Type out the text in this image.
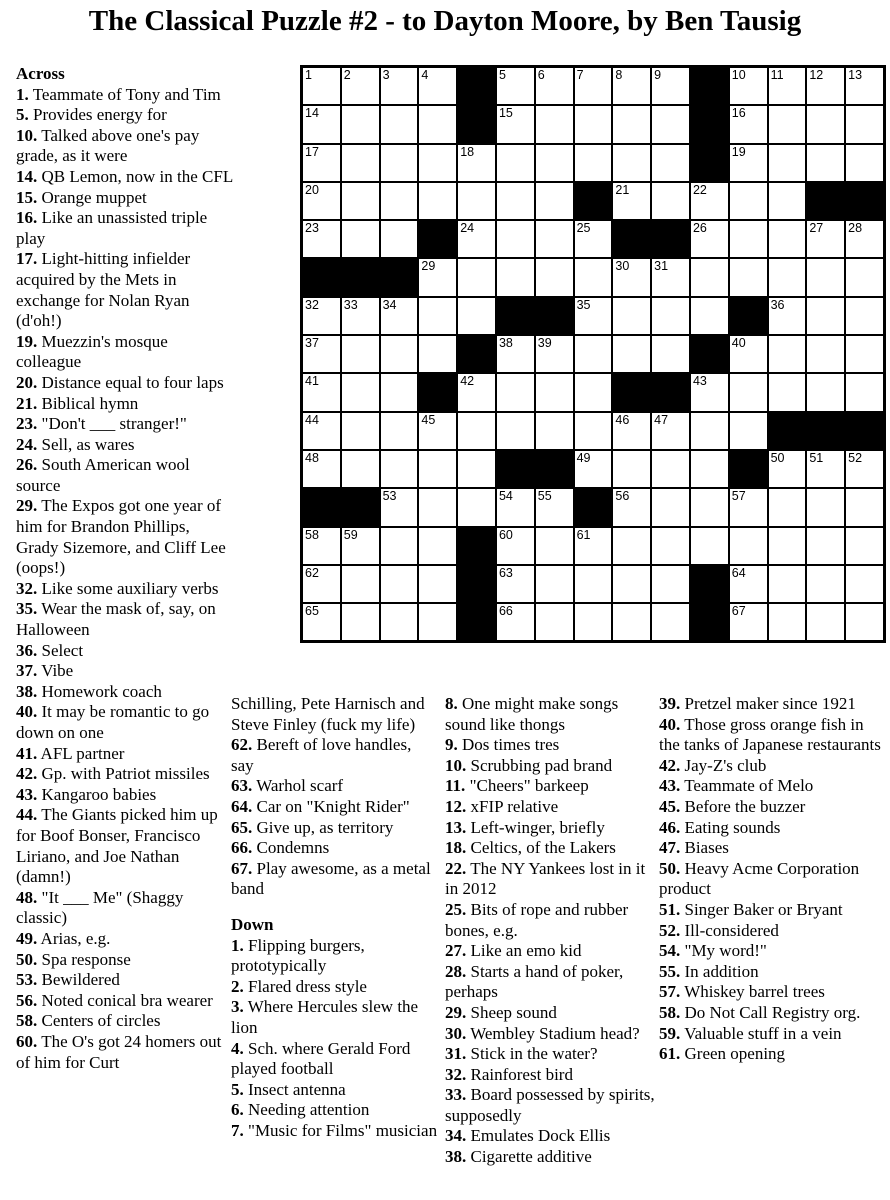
The Classical Puzzle #2 - to Dayton Moore, by Ben Tausig
1	2	3	4	5	6	7	8	9	10 11 12 13
14	15	16
17	18	19
20	21	22
23	24	25	26	27 28
29	30 31
32 33 34	35	36
37	38 39	40
41	42	43
44	45	46 47
48	49	50 51 52
53	54 55	56	57
58 59	60	61
62	63	64
65	66	67

Across

1. Teammate of Tony and Tim

5. Provides energy for

10. Talked above one's pay grade, as it were

14. QB Lemon, now in the CFL

15. Orange muppet

16. Like an unassisted triple play

17. Light-hitting infielder acquired by the Mets in exchange for Nolan Ryan (d'oh!)

19. Muezzin's mosque colleague

20. Distance equal to four laps

21. Biblical hymn

23. "Don't ___ stranger!"

24. Sell, as wares

26. South American wool source

29. The Expos got one year of him for Brandon Phillips, Grady Sizemore, and Cliff Lee (oops!)

32. Like some auxiliary verbs

35. Wear the mask of, say, on Halloween

36. Select

37. Vibe

38. Homework coach

40. It may be romantic to go down on one

41. AFL partner

42. Gp. with Patriot missiles

43. Kangaroo babies

44. The Giants picked him up for Boof Bonser, Francisco Liriano, and Joe Nathan (damn!)

48. "It ___ Me" (Shaggy classic)

49. Arias, e.g.

50. Spa response

53. Bewildered

56. Noted conical bra wearer

58. Centers of circles

60. The O's got 24 homers out of him for Curt

Schilling, Pete Harnisch and Steve Finley (fuck my life)

62. Bereft of love handles, say

63. Warhol scarf

64. Car on "Knight Rider"

65. Give up, as territory

66. Condemns

67. Play awesome, as a metal band

Down

1. Flipping burgers, prototypically

2. Flared dress style

3. Where Hercules slew the lion

4. Sch. where Gerald Ford played football

5. Insect antenna

6. Needing attention

7. "Music for Films" musician

8. One might make songs sound like thongs

9. Dos times tres

10. Scrubbing pad brand

11. "Cheers" barkeep

12. xFIP relative

13. Left-winger, briefly

18. Celtics, of the Lakers

22. The NY Yankees lost in it in 2012

25. Bits of rope and rubber bones, e.g.

27. Like an emo kid

28. Starts a hand of poker, perhaps

29. Sheep sound

30. Wembley Stadium head?

31. Stick in the water?

32. Rainforest bird

33. Board possessed by spirits, supposedly

34. Emulates Dock Ellis

38. Cigarette additive

39. Pretzel maker since 1921

40. Those gross orange fish in the tanks of Japanese restaurants

42. Jay-Z's club

43. Teammate of Melo

45. Before the buzzer

46. Eating sounds

47. Biases

50. Heavy Acme Corporation product

51. Singer Baker or Bryant

52. Ill-considered

54. "My word!"

55. In addition

57. Whiskey barrel trees

58. Do Not Call Registry org.

59. Valuable stuff in a vein

61. Green opening
